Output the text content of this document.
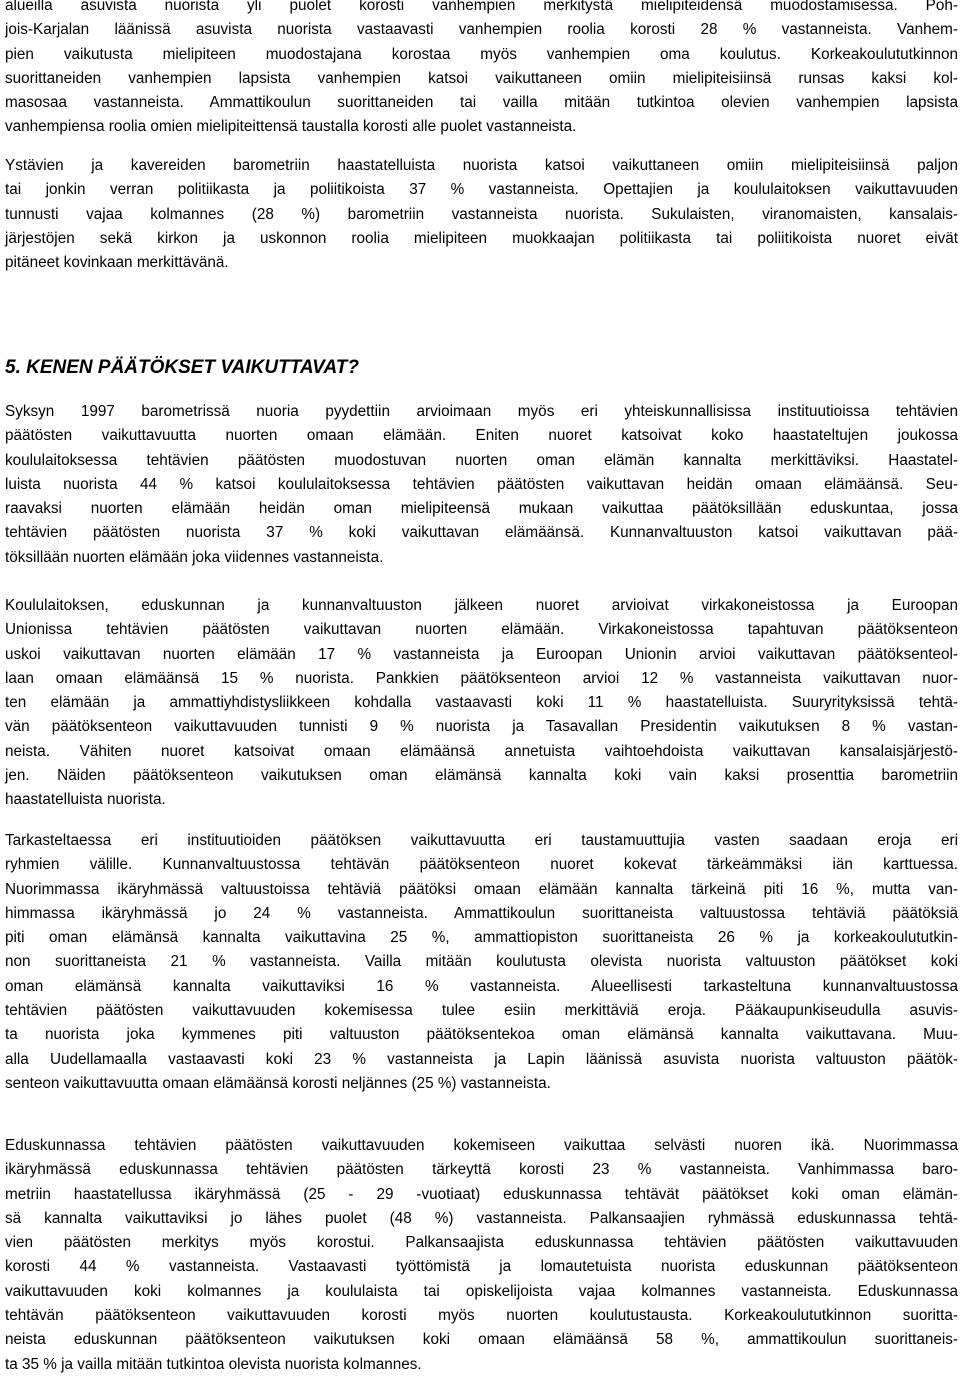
alueilla asuvista nuorista yli puolet korosti vanhempien merkitystä mielipiteidensä muodostamisessa. Poh-
jois-Karjalan läänissä asuvista nuorista vastaavasti vanhempien roolia korosti 28 % vastanneista. Vanhem-
pien vaikutusta mielipiteen muodostajana korostaa myös vanhempien oma koulutus. Korkeakoulututkinnon
suorittaneiden vanhempien lapsista vanhempien katsoi vaikuttaneen omiin mielipiteisiinsä runsas kaksi kol-
masosaa vastanneista. Ammattikoulun suorittaneiden tai vailla mitään tutkintoa olevien vanhempien lapsista
vanhempiensa roolia omien mielipiteittensä taustalla korosti alle puolet vastanneista.
Ystävien ja kavereiden barometriin haastatelluista nuorista katsoi vaikuttaneen omiin mielipiteisiinsä paljon
tai jonkin verran politiikasta ja poliitikoista 37 % vastanneista. Opettajien ja koululaitoksen vaikuttavuuden
tunnusti vajaa kolmannes (28 %) barometriin vastanneista nuorista. Sukulaisten, viranomaisten, kansalais-
järjestöjen sekä kirkon ja uskonnon roolia mielipiteen muokkaajan politiikasta tai poliitikoista nuoret eivät
pitäneet kovinkaan merkittävänä.
5. KENEN PÄÄTÖKSET VAIKUTTAVAT?
Syksyn 1997 barometrissä nuoria pyydettiin arvioimaan myös eri yhteiskunnallisissa instituutioissa tehtävien
päätösten vaikuttavuutta nuorten omaan elämään. Eniten nuoret katsoivat koko haastateltujen joukossa
koululaitoksessa tehtävien päätösten muodostuvan nuorten oman elämän kannalta merkittäviksi. Haastatel-
luista nuorista 44 % katsoi koululaitoksessa tehtävien päätösten vaikuttavan heidän omaan elämäänsä. Seu-
raavaksi nuorten elämään heidän oman mielipiteensä mukaan vaikuttaa päätöksillään eduskuntaa, jossa
tehtävien päätösten nuorista 37 % koki vaikuttavan elämäänsä. Kunnanvaltuuston katsoi vaikuttavan pää-
töksillään nuorten elämään joka viidennes vastanneista.
Koululaitoksen, eduskunnan ja kunnanvaltuuston jälkeen nuoret arvioivat virkakoneistossa ja Euroopan
Unionissa tehtävien päätösten vaikuttavan nuorten elämään. Virkakoneistossa tapahtuvan päätöksenteon
uskoi vaikuttavan nuorten elämään 17 % vastanneista ja Euroopan Unionin arvioi vaikuttavan päätöksenteol-
laan omaan elämäänsä 15 % nuorista. Pankkien päätöksenteon arvioi 12 % vastanneista vaikuttavan nuor-
ten elämään ja ammattiyhdistysliikkeen kohdalla vastaavasti koki 11 % haastatelluista. Suuryrityksissä tehtä-
vän päätöksenteon vaikuttavuuden tunnisti 9 % nuorista ja Tasavallan Presidentin vaikutuksen 8 % vastan-
neista. Vähiten nuoret katsoivat omaan elämäänsä annetuista vaihtoehdoista vaikuttavan kansalaisjärjestö-
jen. Näiden päätöksenteon vaikutuksen oman elämänsä kannalta koki vain kaksi prosenttia barometriin
haastatelluista nuorista.
Tarkasteltaessa eri instituutioiden päätöksen vaikuttavuutta eri taustamuuttujia vasten saadaan eroja eri
ryhmien välille. Kunnanvaltuustossa tehtävän päätöksenteon nuoret kokevat tärkeämmäksi iän karttuessa.
Nuorimmassa ikäryhmässä valtuustoissa tehtäviä päätöksi omaan elämään kannalta tärkeinä piti 16 %, mutta van-
himmassa ikäryhmässä jo 24 % vastanneista. Ammattikoulun suorittaneista valtuustossa tehtäviä päätöksiä
piti oman elämänsä kannalta vaikuttavina 25 %, ammattiopiston suorittaneista 26 % ja korkeakoulututkin-
non suorittaneista 21 % vastanneista. Vailla mitään koulutusta olevista nuorista valtuuston päätökset koki
oman elämänsä kannalta vaikuttaviksi 16 % vastanneista. Alueellisesti tarkasteltuna kunnanvaltuustossa
tehtävien päätösten vaikuttavuuden kokemisessa tulee esiin merkittäviä eroja. Pääkaupunkiseudulla asuvis-
ta nuorista joka kymmenes piti valtuuston päätöksentekoa oman elämänsä kannalta vaikuttavana. Muu-
alla Uudellamaalla vastaavasti koki 23 % vastanneista ja Lapin läänissä asuvista nuorista valtuuston päätök-
senteon vaikuttavuutta omaan elämäänsä korosti neljännes (25 %) vastanneista.
Eduskunnassa tehtävien päätösten vaikuttavuuden kokemiseen vaikuttaa selvästi nuoren ikä. Nuorimmassa
ikäryhmässä eduskunnassa tehtävien päätösten tärkeyttä korosti 23 % vastanneista. Vanhimmassa baro-
metriin haastatellussa ikäryhmässä (25 - 29 -vuotiaat) eduskunnassa tehtävät päätökset koki oman elämän-
sä kannalta vaikuttaviksi jo lähes puolet (48 %) vastanneista. Palkansaajien ryhmässä eduskunnassa tehtä-
vien päätösten merkitys myös korostui. Palkansaajista eduskunnassa tehtävien päätösten vaikuttavuuden
korosti 44 % vastanneista. Vastaavasti työttömistä ja lomautetuista nuorista eduskunnan päätöksenteon
vaikuttavuuden koki kolmannes ja koululaista tai opiskelijoista vajaa kolmannes vastanneista. Eduskunnassa
tehtävän päätöksenteon vaikuttavuuden korosti myös nuorten koulutustausta. Korkeakoulututkinnon suoritta-
neista eduskunnan päätöksenteon vaikutuksen koki omaan elämäänsä 58 %, ammattikoulun suorittaneis-
ta 35 % ja vailla mitään tutkintoa olevista nuorista kolmannes.
